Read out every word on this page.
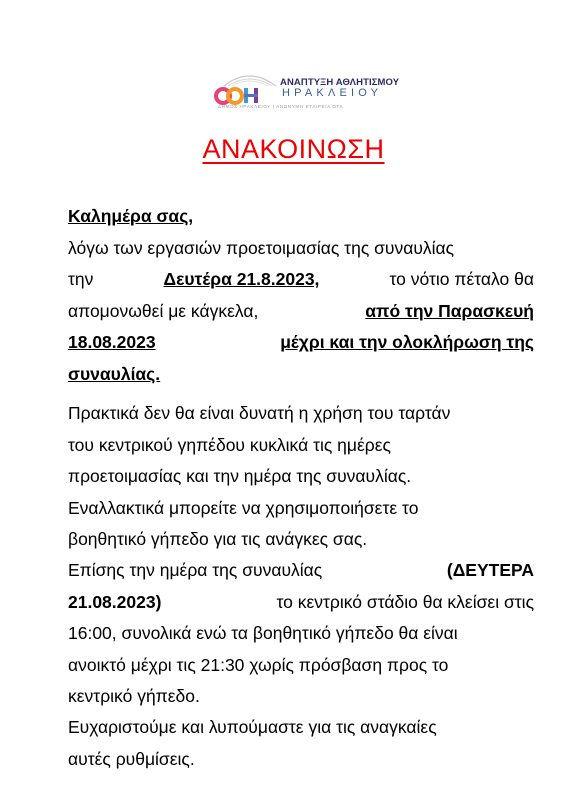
ΑΝΑΠΤΥΞΗ ΑΘΛΗΤΙΣΜΟΥ
ΗΡΑΚΛΕΙΟΥ
ΔΗΜΟΣ ΗΡΑΚΛΕΙΟΥ | ΑΝΩΝΥΜΗ ΕΤΑΙΡΕΙΑ ΟΤΑ
ΑΝΑΚΟΙΝΩΣΗ
Καλημέρα σας,
λόγω των εργασιών προετοιμασίας της συναυλίας
την	Δευτέρα 21.8.2023,	το νότιο πέταλο θα
απομονωθεί με κάγκελα,	από την Παρασκευή
18.08.2023	μέχρι και την ολοκλήρωση της
συναυλίας.
Πρακτικά δεν θα είναι δυνατή η χρήση του ταρτάν
του κεντρικού γηπέδου κυκλικά τις ημέρες
προετοιμασίας και την ημέρα της συναυλίας.
Εναλλακτικά μπορείτε να χρησιμοποιήσετε το
βοηθητικό γήπεδο για τις ανάγκες σας.
Επίσης την ημέρα της συναυλίας	(ΔΕΥΤΕΡΑ
21.08.2023)	το κεντρικό στάδιο θα κλείσει στις
16:00, συνολικά ενώ τα βοηθητικό γήπεδο θα είναι
ανοικτό μέχρι τις 21:30 χωρίς πρόσβαση προς το
κεντρικό γήπεδο.
Ευχαριστούμε και λυπούμαστε για τις αναγκαίες
αυτές ρυθμίσεις.
